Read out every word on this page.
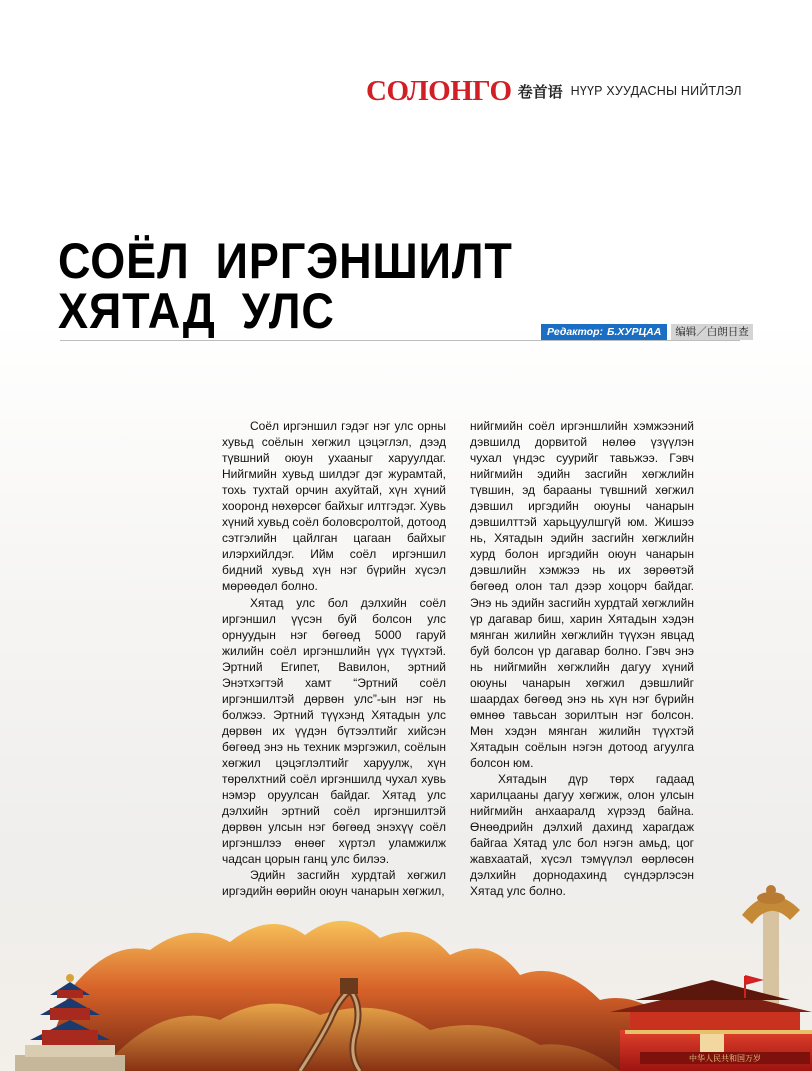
СОЛОНГО 卷首语 НҮҮР ХУУДАСНЫ НИЙТЛЭЛ
СОЁЛ ИРГЭНШИЛТ ХЯТАД УЛС	Редактор: Б.ХУРЦАА	编辑／白朗日查

Соёл иргэншил гэдэг нэг улс орны хувьд соёлын хөгжил цэцэглэл, дээд түвшний оюун ухааныг харуулдаг. Нийгмийн хувьд шилдэг дэг журамтай, тохь тухтай орчин ахуйтай, хүн хүний хооронд нөхөрсөг байхыг илтгэдэг. Хувь хүний хувьд соёл боловсролтой, дотоод сэтгэлийн цайлган цагаан байхыг илэрхийлдэг. Ийм соёл иргэншил бидний хувьд хүн нэг бүрийн хүсэл мөрөөдөл болно.

Хятад улс бол дэлхийн соёл иргэншил үүсэн буй болсон улс орнуудын нэг бөгөөд 5000 гаруй жилийн соёл иргэншлийн үүх түүхтэй. Эртний Египет, Вавилон, эртний Энэтхэгтэй хамт “Эртний соёл иргэншилтэй дөрвөн улс”-ын нэг нь болжээ. Эртний түүхэнд Хятадын улс дөрвөн их үүдэн бүтээлтийг хийсэн бөгөөд энэ нь техник мэргэжил, соёлын хөгжил цэцэглэлтийг харуулж, хүн төрөлхтний соёл иргэншилд чухал хувь нэмэр оруулсан байдаг. Хятад улс дэлхийн эртний соёл иргэншилтэй дөрвөн улсын нэг бөгөөд энэхүү соёл иргэншлээ өнөөг хүртэл уламжилж чадсан цорын ганц улс билээ.

Эдийн засгийн хурдтай хөгжил иргэдийн өөрийн оюун чанарын хөгжил,

нийгмийн соёл иргэншлийн хэмжээний дэвшилд дорвитой нөлөө үзүүлэн чухал үндэс суурийг тавьжээ. Гэвч нийгмийн эдийн засгийн хөгжлийн түвшин, эд барааны түвшний хөгжил дэвшил иргэдийн оюуны чанарын дэвшилттэй харьцуулшгүй юм. Жишээ нь, Хятадын эдийн засгийн хөгжлийн хурд болон иргэдийн оюун чанарын дэвшлийн хэмжээ нь их зөрөөтэй бөгөөд олон тал дээр хоцорч байдаг. Энэ нь эдийн засгийн хурдтай хөгжлийн үр дагавар биш, харин Хятадын хэдэн мянган жилийн хөгжлийн түүхэн явцад буй болсон үр дагавар болно. Гэвч энэ нь нийгмийн хөгжлийн дагуу хүний оюуны чанарын хөгжил дэвшлийг шаардах бөгөөд энэ нь хүн нэг бүрийн өмнөө тавьсан зорилтын нэг болсон. Мөн хэдэн мянган жилийн түүхтэй Хятадын соёлын нэгэн дотоод агуулга болсон юм.

Хятадын дүр төрх гадаад харилцааны дагуу хөгжиж, олон улсын нийгмийн анхааралд хүрээд байна. Өнөөдрийн дэлхий дахинд харагдаж байгаа Хятад улс бол нэгэн амьд, цог жавхаатай, хүсэл тэмүүлэл өөрлөсөн дэлхийн дорнодахинд сүндэрлэсэн Хятад улс болно.

中华人民共和国万岁
